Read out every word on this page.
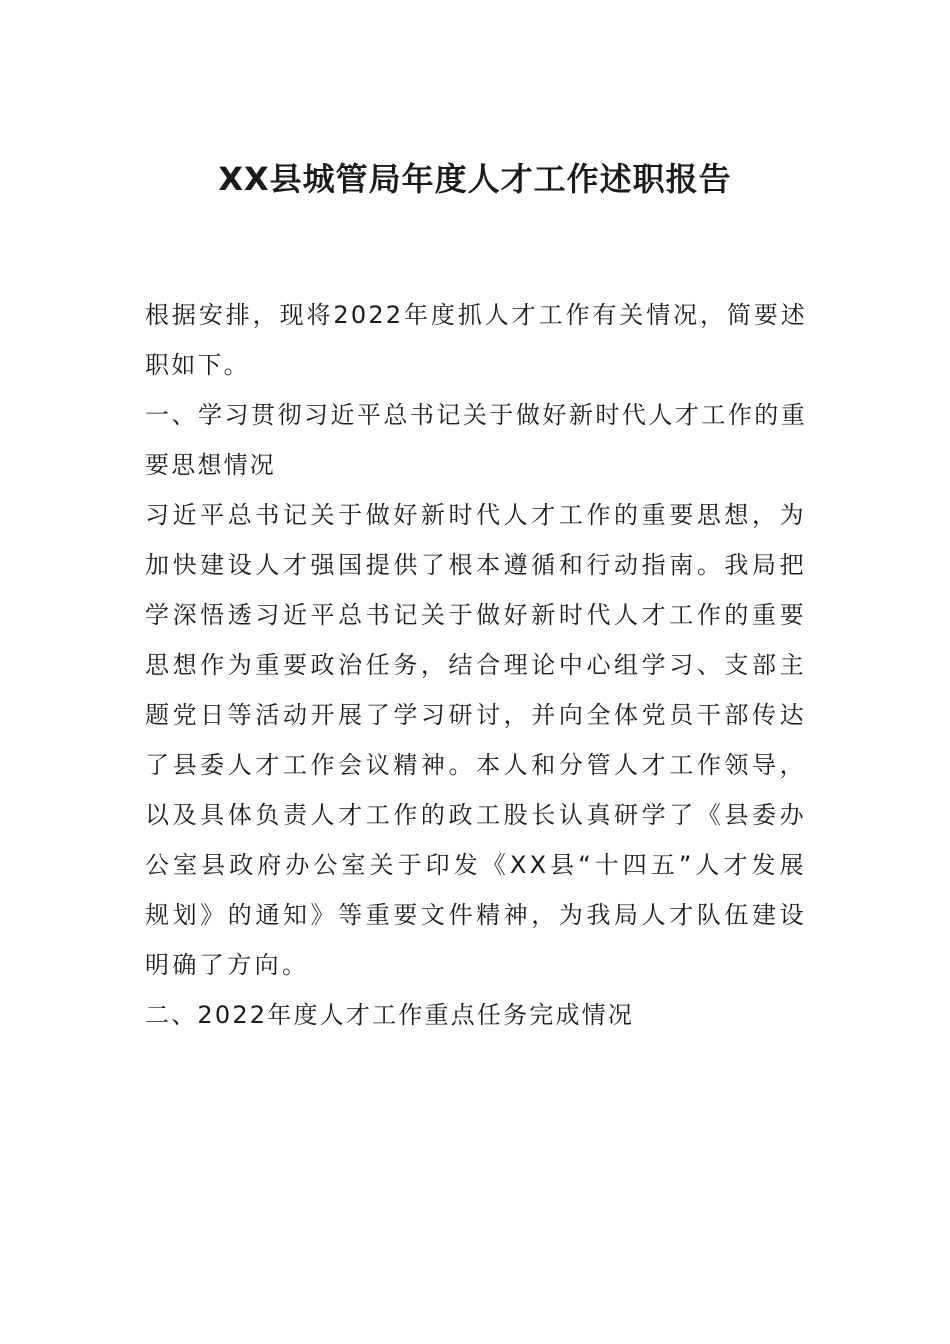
XX县城管局年度人才工作述职报告

根据安排，现将2022年度抓人才工作有关情况，简要述职如下。

一、学习贯彻习近平总书记关于做好新时代人才工作的重要思想情况

习近平总书记关于做好新时代人才工作的重要思想，为加快建设人才强国提供了根本遵循和行动指南。我局把学深悟透习近平总书记关于做好新时代人才工作的重要思想作为重要政治任务，结合理论中心组学习、支部主题党日等活动开展了学习研讨，并向全体党员干部传达了县委人才工作会议精神。本人和分管人才工作领导，以及具体负责人才工作的政工股长认真研学了《县委办公室县政府办公室关于印发《XX县“十四五”人才发展规划》的通知》等重要文件精神，为我局人才队伍建设明确了方向。

二、2022年度人才工作重点任务完成情况
